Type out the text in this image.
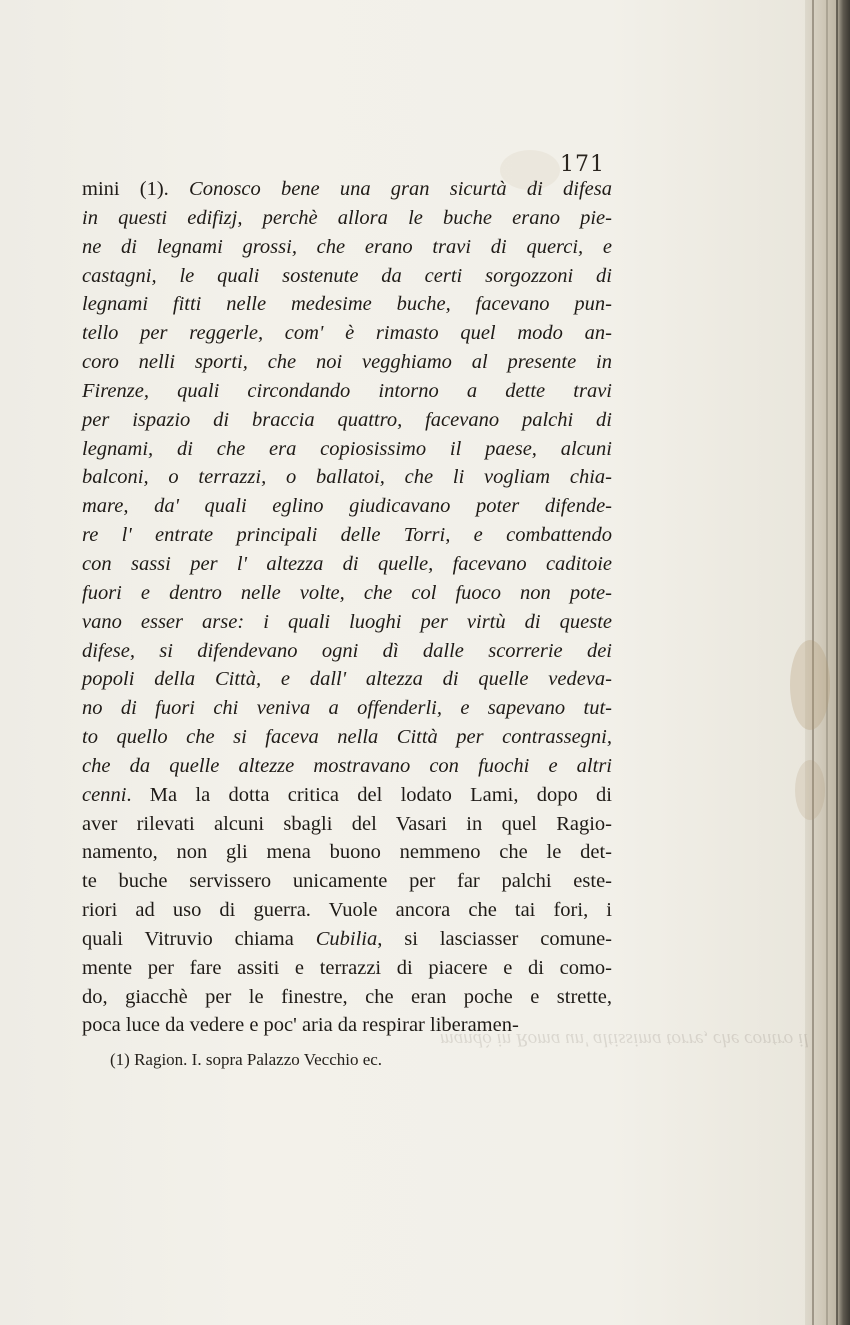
mandò in Roma un' altissima torre, che contro il
171
mini (1). Conosco bene una gran sicurtà di difesa
in questi edifizj, perchè allora le buche erano pie-
ne di legnami grossi, che erano travi di querci, e
castagni, le quali sostenute da certi sorgozzoni di
legnami fitti nelle medesime buche, facevano pun-
tello per reggerle, com' è rimasto quel modo an-
coro nelli sporti, che noi vegghiamo al presente in
Firenze, quali circondando intorno a dette travi
per ispazio di braccia quattro, facevano palchi di
legnami, di che era copiosissimo il paese, alcuni
balconi, o terrazzi, o ballatoi, che li vogliam chia-
mare, da' quali eglino giudicavano poter difende-
re l' entrate principali delle Torri, e combattendo
con sassi per l' altezza di quelle, facevano caditoie
fuori e dentro nelle volte, che col fuoco non pote-
vano esser arse: i quali luoghi per virtù di queste
difese, si difendevano ogni dì dalle scorrerie dei
popoli della Città, e dall' altezza di quelle vedeva-
no di fuori chi veniva a offenderli, e sapevano tut-
to quello che si faceva nella Città per contrassegni,
che da quelle altezze mostravano con fuochi e altri
cenni. Ma la dotta critica del lodato Lami, dopo di
aver rilevati alcuni sbagli del Vasari in quel Ragio-
namento, non gli mena buono nemmeno che le det-
te buche servissero unicamente per far palchi este-
riori ad uso di guerra. Vuole ancora che tai fori, i
quali Vitruvio chiama Cubilia, si lasciasser comune-
mente per fare assiti e terrazzi di piacere e di como-
do, giacchè per le finestre, che eran poche e strette,
poca luce da vedere e poc' aria da respirar liberamen-
(1) Ragion. I. sopra Palazzo Vecchio ec.
